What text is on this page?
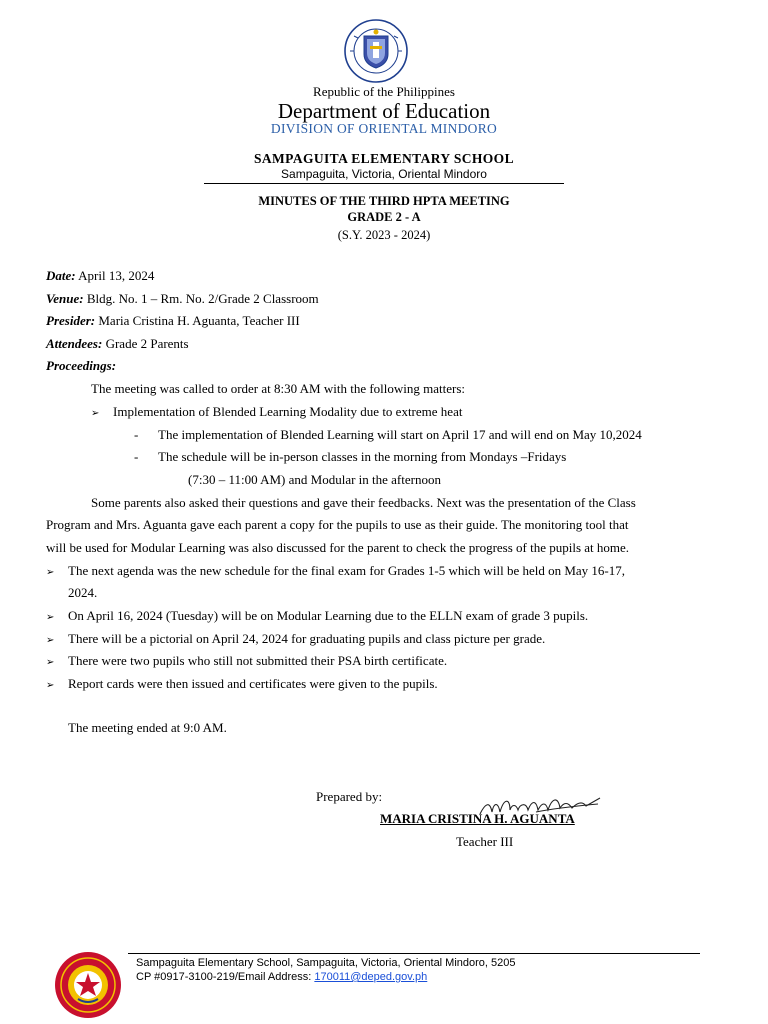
Republic of the Philippines
Department of Education
DIVISION OF ORIENTAL MINDORO
SAMPAGUITA ELEMENTARY SCHOOL
Sampaguita, Victoria, Oriental Mindoro
MINUTES OF THE THIRD HPTA MEETING
GRADE 2 - A
(S.Y. 2023 - 2024)
Date: April 13, 2024
Venue: Bldg. No. 1 – Rm. No. 2/Grade 2 Classroom
Presider: Maria Cristina H. Aguanta, Teacher III
Attendees: Grade 2 Parents
Proceedings:
The meeting was called to order at 8:30 AM with the following matters:
➢ Implementation of Blended Learning Modality due to extreme heat
- The implementation of Blended Learning will start on April 17 and will end on May 10,2024
- The schedule will be in-person classes in the morning from Mondays –Fridays
(7:30 – 11:00 AM) and Modular in the afternoon
Some parents also asked their questions and gave their feedbacks. Next was the presentation of the Class
Program and Mrs. Aguanta gave each parent a copy for the pupils to use as their guide. The monitoring tool that
will be used for Modular Learning was also discussed for the parent to check the progress of the pupils at home.
➢ The next agenda was the new schedule for the final exam for Grades 1-5 which will be held on May 16-17,
2024.
➢ On April 16, 2024 (Tuesday) will be on Modular Learning due to the ELLN exam of grade 3 pupils.
➢ There will be a pictorial on April 24, 2024 for graduating pupils and class picture per grade.
➢ There were two pupils who still not submitted their PSA birth certificate.
➢ Report cards were then issued and certificates were given to the pupils.
The meeting ended at 9:0 AM.
Prepared by:
MARIA CRISTINA H. AGUANTA
Teacher III
Sampaguita Elementary School, Sampaguita, Victoria, Oriental Mindoro, 5205
CP #0917-3100-219/Email Address: 170011@deped.gov.ph
